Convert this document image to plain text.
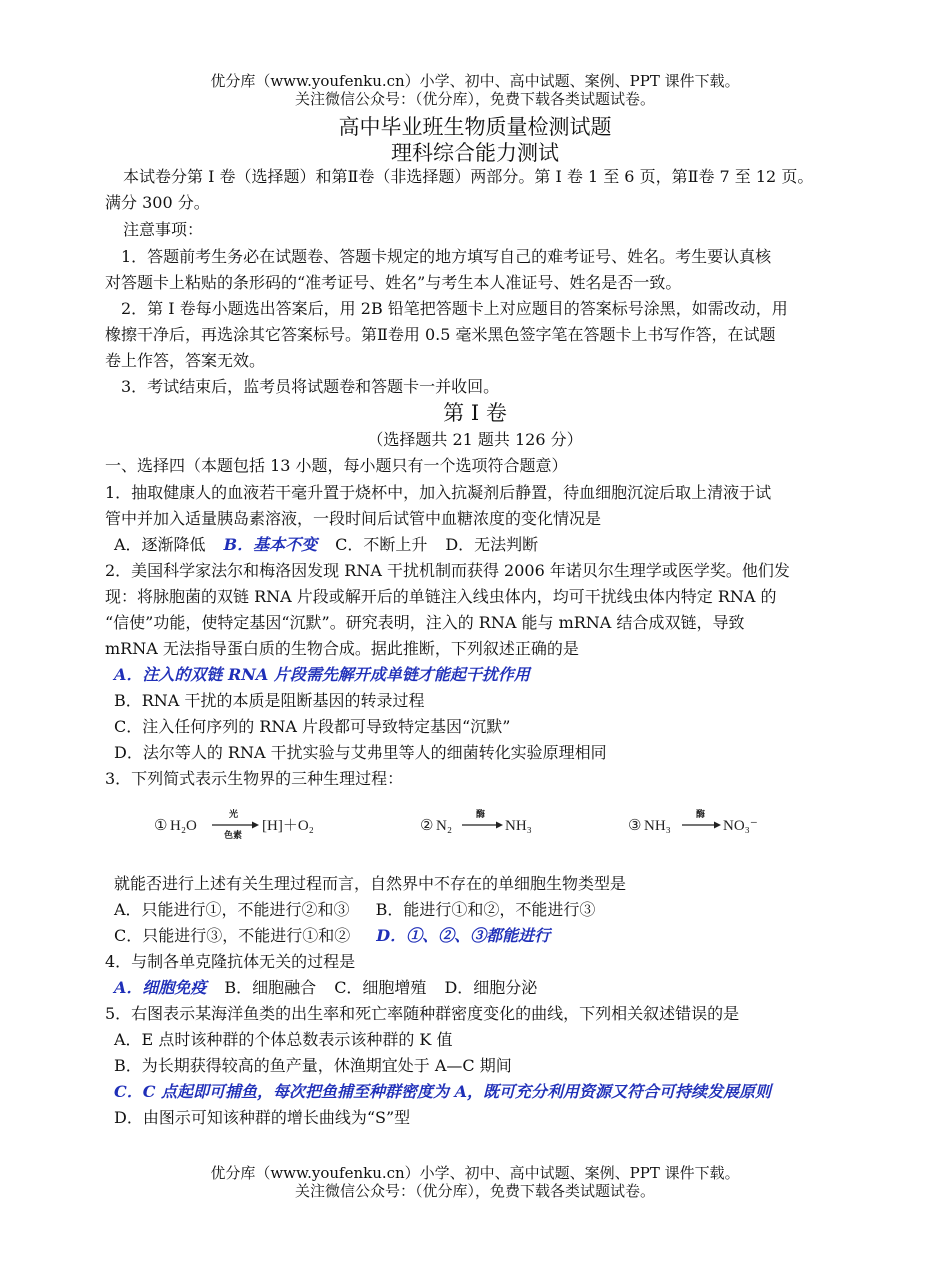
优分库（www.youfenku.cn）小学、初中、高中试题、案例、PPT 课件下载。
关注微信公众号：（优分库），免费下载各类试题试卷。
高中毕业班生物质量检测试题
理科综合能力测试
本试卷分第 I 卷（选择题）和第Ⅱ卷（非选择题）两部分。第 I 卷 1 至 6 页，第Ⅱ卷 7 至 12 页。
满分 300 分。
注意事项：
1．答题前考生务必在试题卷、答题卡规定的地方填写自己的难考证号、姓名。考生要认真核
对答题卡上粘贴的条形码的“准考证号、姓名”与考生本人准证号、姓名是否一致。
2．第 I 卷每小题选出答案后，用 2B 铅笔把答题卡上对应题目的答案标号涂黑，如需改动，用
橡擦干净后，再选涂其它答案标号。第Ⅱ卷用 0.5 毫米黑色签字笔在答题卡上书写作答，在试题
卷上作答，答案无效。
3．考试结束后，监考员将试题卷和答题卡一并收回。
第 I 卷
（选择题共 21 题共 126 分）
一、选择四（本题包括 13 小题，每小题只有一个选项符合题意）
1．抽取健康人的血液若干毫升置于烧杯中，加入抗凝剂后静置，待血细胞沉淀后取上清液于试
管中并加入适量胰岛素溶液，一段时间后试管中血糖浓度的变化情况是
A．逐渐降低 B．基本不变 C．不断上升 D．无法判断
2．美国科学家法尔和梅洛因发现 RNA 干扰机制而获得 2006 年诺贝尔生理学或医学奖。他们发
现：将脉胞菌的双链 RNA 片段或解开后的单链注入线虫体内，均可干扰线虫体内特定 RNA 的
“信使”功能，使特定基因“沉默”。研究表明，注入的 RNA 能与 mRNA 结合成双链，导致
mRNA 无法指导蛋白质的生物合成。据此推断，下列叙述正确的是
A．注入的双链 RNA 片段需先解开成单链才能起干扰作用
B．RNA 干扰的本质是阻断基因的转录过程
C．注入任何序列的 RNA 片段都可导致特定基因“沉默”
D．法尔等人的 RNA 干扰实验与艾弗里等人的细菌转化实验原理相同
3．下列简式表示生物界的三种生理过程：
① H₂O
光
色素
[H]＋O₂	② N₂
酶
NH₃	③ NH₃
酶
NO₃⁻
就能否进行上述有关生理过程而言，自然界中不存在的单细胞生物类型是
A．只能进行①，不能进行②和③ B．能进行①和②，不能进行③
C．只能进行③，不能进行①和② D．①、②、③都能进行
4．与制各单克隆抗体无关的过程是
A．细胞免疫 B．细胞融合 C．细胞增殖 D．细胞分泌
5．右图表示某海洋鱼类的出生率和死亡率随种群密度变化的曲线，下列相关叙述错误的是
A．E 点时该种群的个体总数表示该种群的 K 值
B．为长期获得较高的鱼产量，休渔期宜处于 A—C 期间
C．C 点起即可捕鱼，每次把鱼捕至种群密度为 A，既可充分利用资源又符合可持续发展原则
D．由图示可知该种群的增长曲线为“S”型
优分库（www.youfenku.cn）小学、初中、高中试题、案例、PPT 课件下载。
关注微信公众号：（优分库），免费下载各类试题试卷。
